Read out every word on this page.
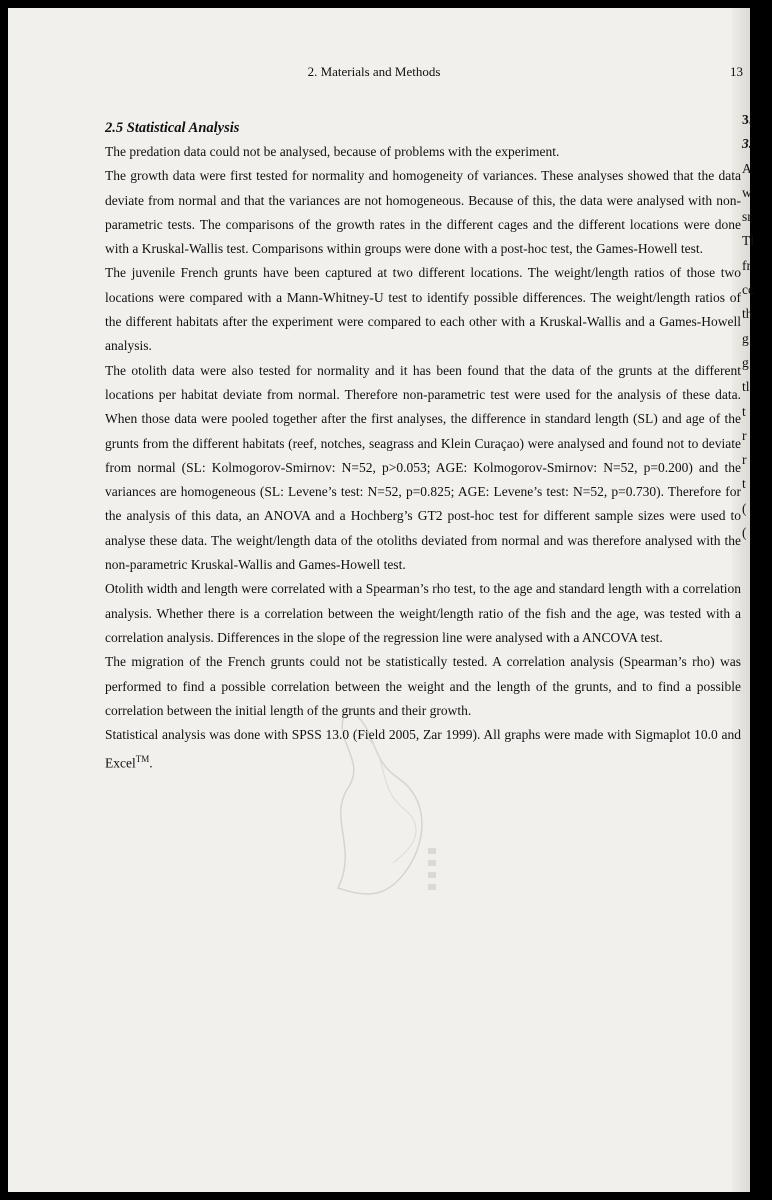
2. Materials and Methods	13
2.5 Statistical Analysis

The predation data could not be analysed, because of problems with the experiment.

The growth data were first tested for normality and homogeneity of variances. These analyses showed that the data deviate from normal and that the variances are not homogeneous. Because of this, the data were analysed with non-parametric tests. The comparisons of the growth rates in the different cages and the different locations were done with a Kruskal-Wallis test. Comparisons within groups were done with a post-hoc test, the Games-Howell test.

The juvenile French grunts have been captured at two different locations. The weight/length ratios of those two locations were compared with a Mann-Whitney-U test to identify possible differences. The weight/length ratios of the different habitats after the experiment were compared to each other with a Kruskal-Wallis and a Games-Howell analysis.

The otolith data were also tested for normality and it has been found that the data of the grunts at the different locations per habitat deviate from normal. Therefore non-parametric test were used for the analysis of these data. When those data were pooled together after the first analyses, the difference in standard length (SL) and age of the grunts from the different habitats (reef, notches, seagrass and Klein Curaçao) were analysed and found not to deviate from normal (SL: Kolmogorov-Smirnov: N=52, p>0.053; AGE: Kolmogorov-Smirnov: N=52, p=0.200) and the variances are homogeneous (SL: Levene’s test: N=52, p=0.825; AGE: Levene’s test: N=52, p=0.730). Therefore for the analysis of this data, an ANOVA and a Hochberg’s GT2 post-hoc test for different sample sizes were used to analyse these data. The weight/length data of the otoliths deviated from normal and was therefore analysed with the non-parametric Kruskal-Wallis and Games-Howell test.

Otolith width and length were correlated with a Spearman’s rho test, to the age and standard length with a correlation analysis. Whether there is a correlation between the weight/length ratio of the fish and the age, was tested with a correlation analysis. Differences in the slope of the regression line were analysed with a ANCOVA test.

The migration of the French grunts could not be statistically tested. A correlation analysis (Spearman’s rho) was performed to find a possible correlation between the weight and the length of the grunts, and to find a possible correlation between the initial length of the grunts and their growth.

Statistical analysis was done with SPSS 13.0 (Field 2005, Zar 1999). All graphs were made with Sigmaplot 10.0 and Excel™.

3.
3.
A
w
sr
Tl
fr
cc
th
g
g
tl
t
r
r
t
(
(
